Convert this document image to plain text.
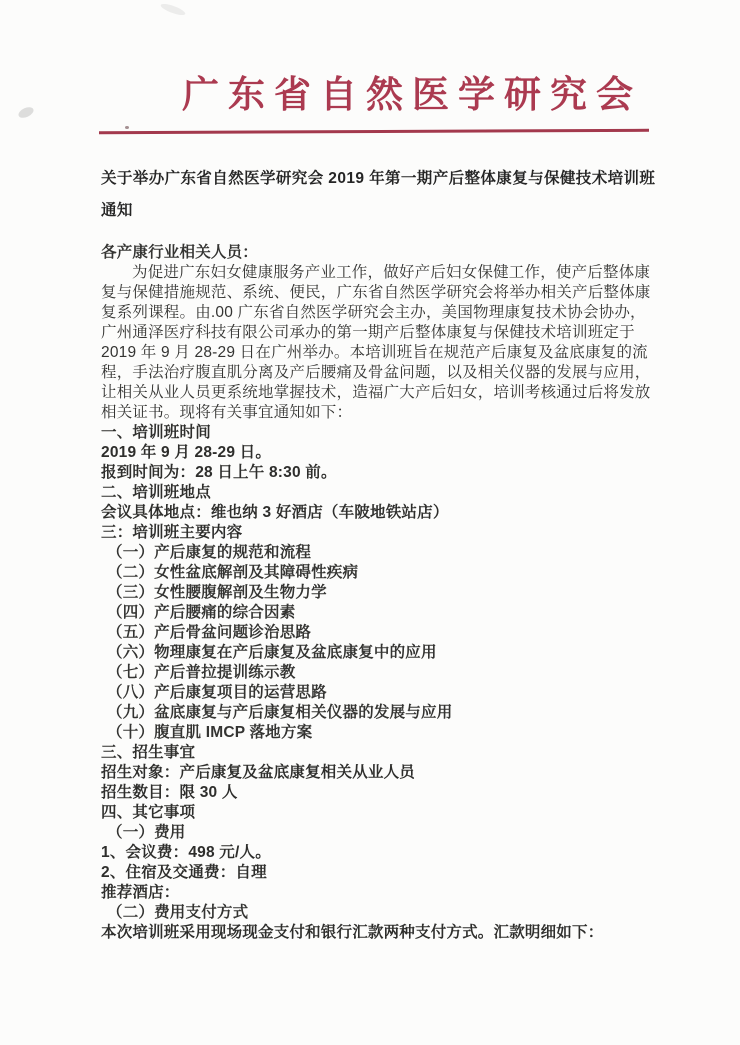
广东省自然医学研究会
关于举办广东省自然医学研究会 2019 年第一期产后整体康复与保健技术培训班
通知
各产康行业相关人员：
为促进广东妇女健康服务产业工作，做好产后妇女保健工作，使产后整体康
复与保健措施规范、系统、便民，广东省自然医学研究会将举办相关产后整体康
复系列课程。由.00 广东省自然医学研究会主办，美国物理康复技术协会协办，
广州通泽医疗科技有限公司承办的第一期产后整体康复与保健技术培训班定于
2019 年 9 月 28-29 日在广州举办。本培训班旨在规范产后康复及盆底康复的流
程，手法治疗腹直肌分离及产后腰痛及骨盆问题，以及相关仪器的发展与应用，
让相关从业人员更系统地掌握技术，造福广大产后妇女，培训考核通过后将发放
相关证书。现将有关事宜通知如下：
一、培训班时间
2019 年 9 月 28-29 日。
报到时间为：28 日上午 8:30 前。
二、培训班地点
会议具体地点：维也纳 3 好酒店（车陂地铁站店）
三：培训班主要内容
（一）产后康复的规范和流程
（二）女性盆底解剖及其障碍性疾病
（三）女性腰腹解剖及生物力学
（四）产后腰痛的综合因素
（五）产后骨盆问题诊治思路
（六）物理康复在产后康复及盆底康复中的应用
（七）产后普拉提训练示教
（八）产后康复项目的运营思路
（九）盆底康复与产后康复相关仪器的发展与应用
（十）腹直肌 IMCP 落地方案
三、招生事宜
招生对象：产后康复及盆底康复相关从业人员
招生数目：限 30 人
四、其它事项
（一）费用
1、会议费：498 元/人。
2、住宿及交通费：自理
推荐酒店：
（二）费用支付方式
本次培训班采用现场现金支付和银行汇款两种支付方式。汇款明细如下：
